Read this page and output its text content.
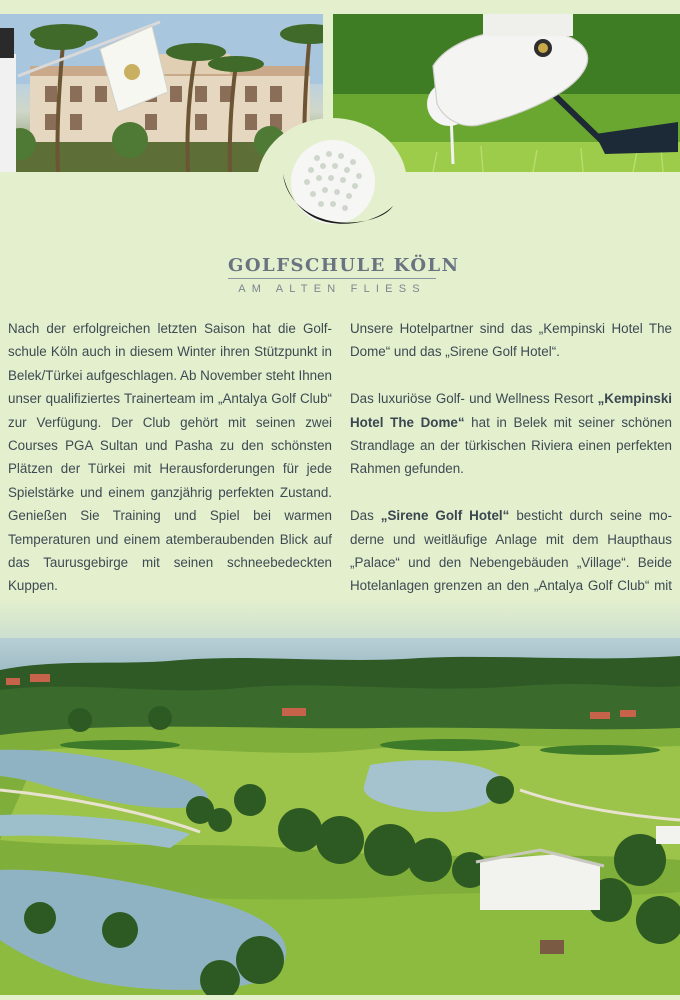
GOLFSCHULE KÖLN
AM ALTEN FLIESS

Nach der erfolgreichen letzten Saison hat die Golfschule Köln auch in diesem Winter ihren Stützpunkt in Belek/Türkei aufgeschlagen. Ab November steht Ihnen unser qualifiziertes Trainerteam im „Antalya Golf Club“ zur Verfügung. Der Club gehört mit seinen zwei Courses PGA Sultan und Pasha zu den schönsten Plätzen der Türkei mit Herausforderungen für jede Spielstärke und einem ganzjährig perfekten Zustand. Genießen Sie Training und Spiel bei warmen Temperaturen und einem atemberaubenden Blick auf das Taurusgebirge mit seinen schneebedeckten Kuppen.

Unsere Hotelpartner sind das „Kempinski Hotel The Dome“ und das „Sirene Golf Hotel“.

Das luxuriöse Golf- und Wellness Resort „Kempinski Hotel The Dome“ hat in Belek mit seiner schönen Strandlage an der türkischen Riviera einen perfekten Rahmen gefunden.

Das „Sirene Golf Hotel“ besticht durch seine moderne und weitläufige Anlage mit dem Haupthaus „Palace“ und den Nebengebäuden „Village“. Beide Hotelanlagen grenzen an den „Antalya Golf Club“ mit
